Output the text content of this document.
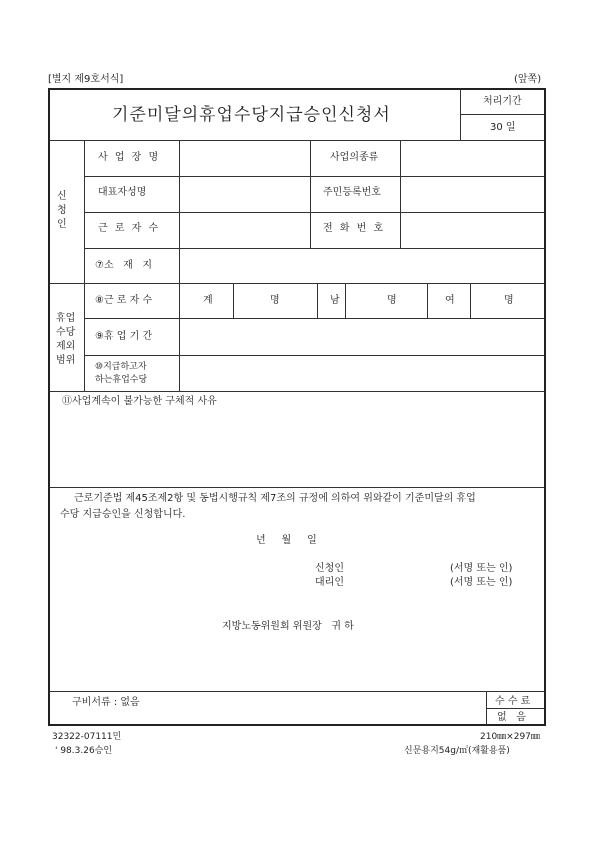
[별지 제9호서식]	(앞쪽)
기준미달의휴업수당지급승인신청서
처리기간
30 일
신
청
인
사 업 장 명	사업의종류
대표자성명	주민등록번호
근 로 자 수	전 화 번 호
⑦소   재   지
휴업
수당
제외
범위
⑧근 로 자 수	계	명	남	명	여	명
⑨휴 업 기 간
⑩지급하고자
하는휴업수당
⑪사업계속이 불가능한 구체적 사유
근로기준법 제45조제2항 및 동법시행규칙 제7조의 규정에 의하여 위와같이 기준미달의 휴업
수당 지급승인을 신청합니다.
년     월     일
신청인	(서명 또는 인)
대리인	(서명 또는 인)
지방노동위원회 위원장   귀 하
구비서류 : 없음	수 수 료
없   음
32322-07111민
' 98.3.26승인
210㎜×297㎜
신문용지54g/㎡(재활용품)
